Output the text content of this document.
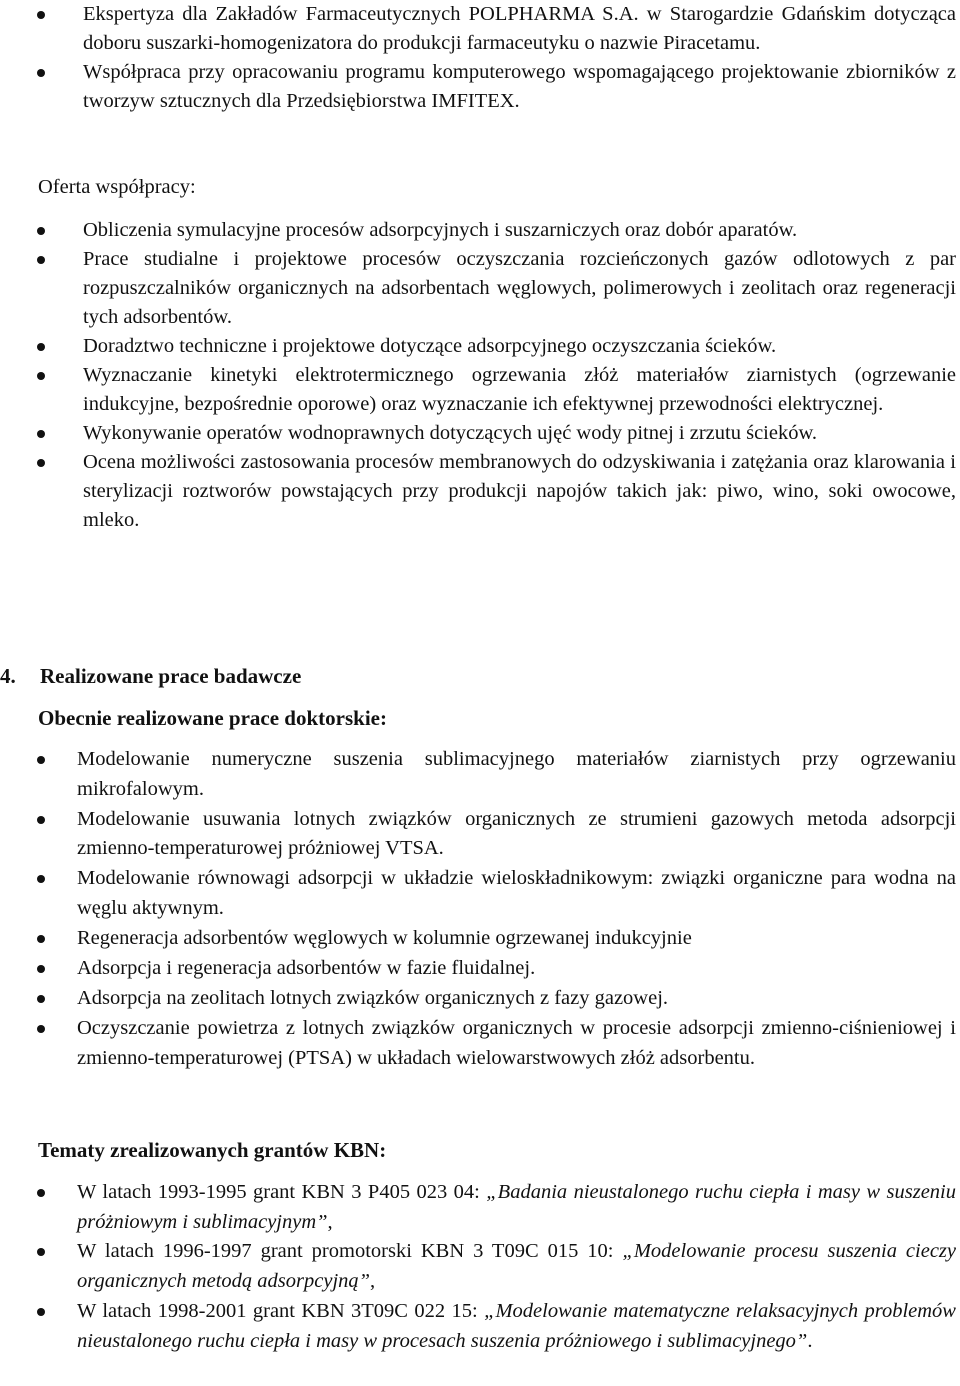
Ekspertyza dla Zakładów Farmaceutycznych POLPHARMA S.A. w Starogardzie Gdańskim dotycząca doboru suszarki-homogenizatora do produkcji farmaceutyku o nazwie Piracetamu.
Współpraca przy opracowaniu programu komputerowego wspomagającego projektowanie zbiorników z tworzyw sztucznych dla Przedsiębiorstwa IMFITEX.
Oferta współpracy:
Obliczenia symulacyjne procesów adsorpcyjnych i suszarniczych oraz dobór aparatów.
Prace studialne i projektowe procesów oczyszczania rozcieńczonych gazów odlotowych z par rozpuszczalników organicznych na adsorbentach węglowych, polimerowych i zeolitach oraz regeneracji tych adsorbentów.
Doradztwo techniczne i projektowe dotyczące adsorpcyjnego oczyszczania ścieków.
Wyznaczanie kinetyki elektrotermicznego ogrzewania złóż materiałów ziarnistych (ogrzewanie indukcyjne, bezpośrednie oporowe) oraz wyznaczanie ich efektywnej przewodności elektrycznej.
Wykonywanie operatów wodnoprawnych dotyczących ujęć wody pitnej i zrzutu ścieków.
Ocena możliwości zastosowania procesów membranowych do odzyskiwania i zatężania oraz klarowania i sterylizacji roztworów powstających przy produkcji napojów takich jak: piwo, wino, soki owocowe, mleko.
4. Realizowane prace badawcze
Obecnie realizowane prace doktorskie:
Modelowanie numeryczne suszenia sublimacyjnego materiałów ziarnistych przy ogrzewaniu mikrofalowym.
Modelowanie usuwania lotnych związków organicznych ze strumieni gazowych metoda adsorpcji zmienno-temperaturowej próżniowej VTSA.
Modelowanie równowagi adsorpcji w układzie wieloskładnikowym: związki organiczne para wodna na węglu aktywnym.
Regeneracja adsorbentów węglowych w kolumnie ogrzewanej indukcyjnie
Adsorpcja i regeneracja adsorbentów w fazie fluidalnej.
Adsorpcja na zeolitach lotnych związków organicznych z fazy gazowej.
Oczyszczanie powietrza z lotnych związków organicznych w procesie adsorpcji zmienno-ciśnieniowej i zmienno-temperaturowej (PTSA) w układach wielowarstwowych złóż adsorbentu.
Tematy zrealizowanych grantów KBN:
W latach 1993-1995 grant KBN 3 P405 023 04: „Badania nieustalonego ruchu ciepła i masy w suszeniu próżniowym i sublimacyjnym”,
W latach 1996-1997 grant promotorski KBN 3 T09C 015 10: „Modelowanie procesu suszenia cieczy organicznych metodą adsorpcyjną”,
W latach 1998-2001 grant KBN 3T09C 022 15: „Modelowanie matematyczne relaksacyjnych problemów nieustalonego ruchu ciepła i masy w procesach suszenia próżniowego i sublimacyjnego”.
